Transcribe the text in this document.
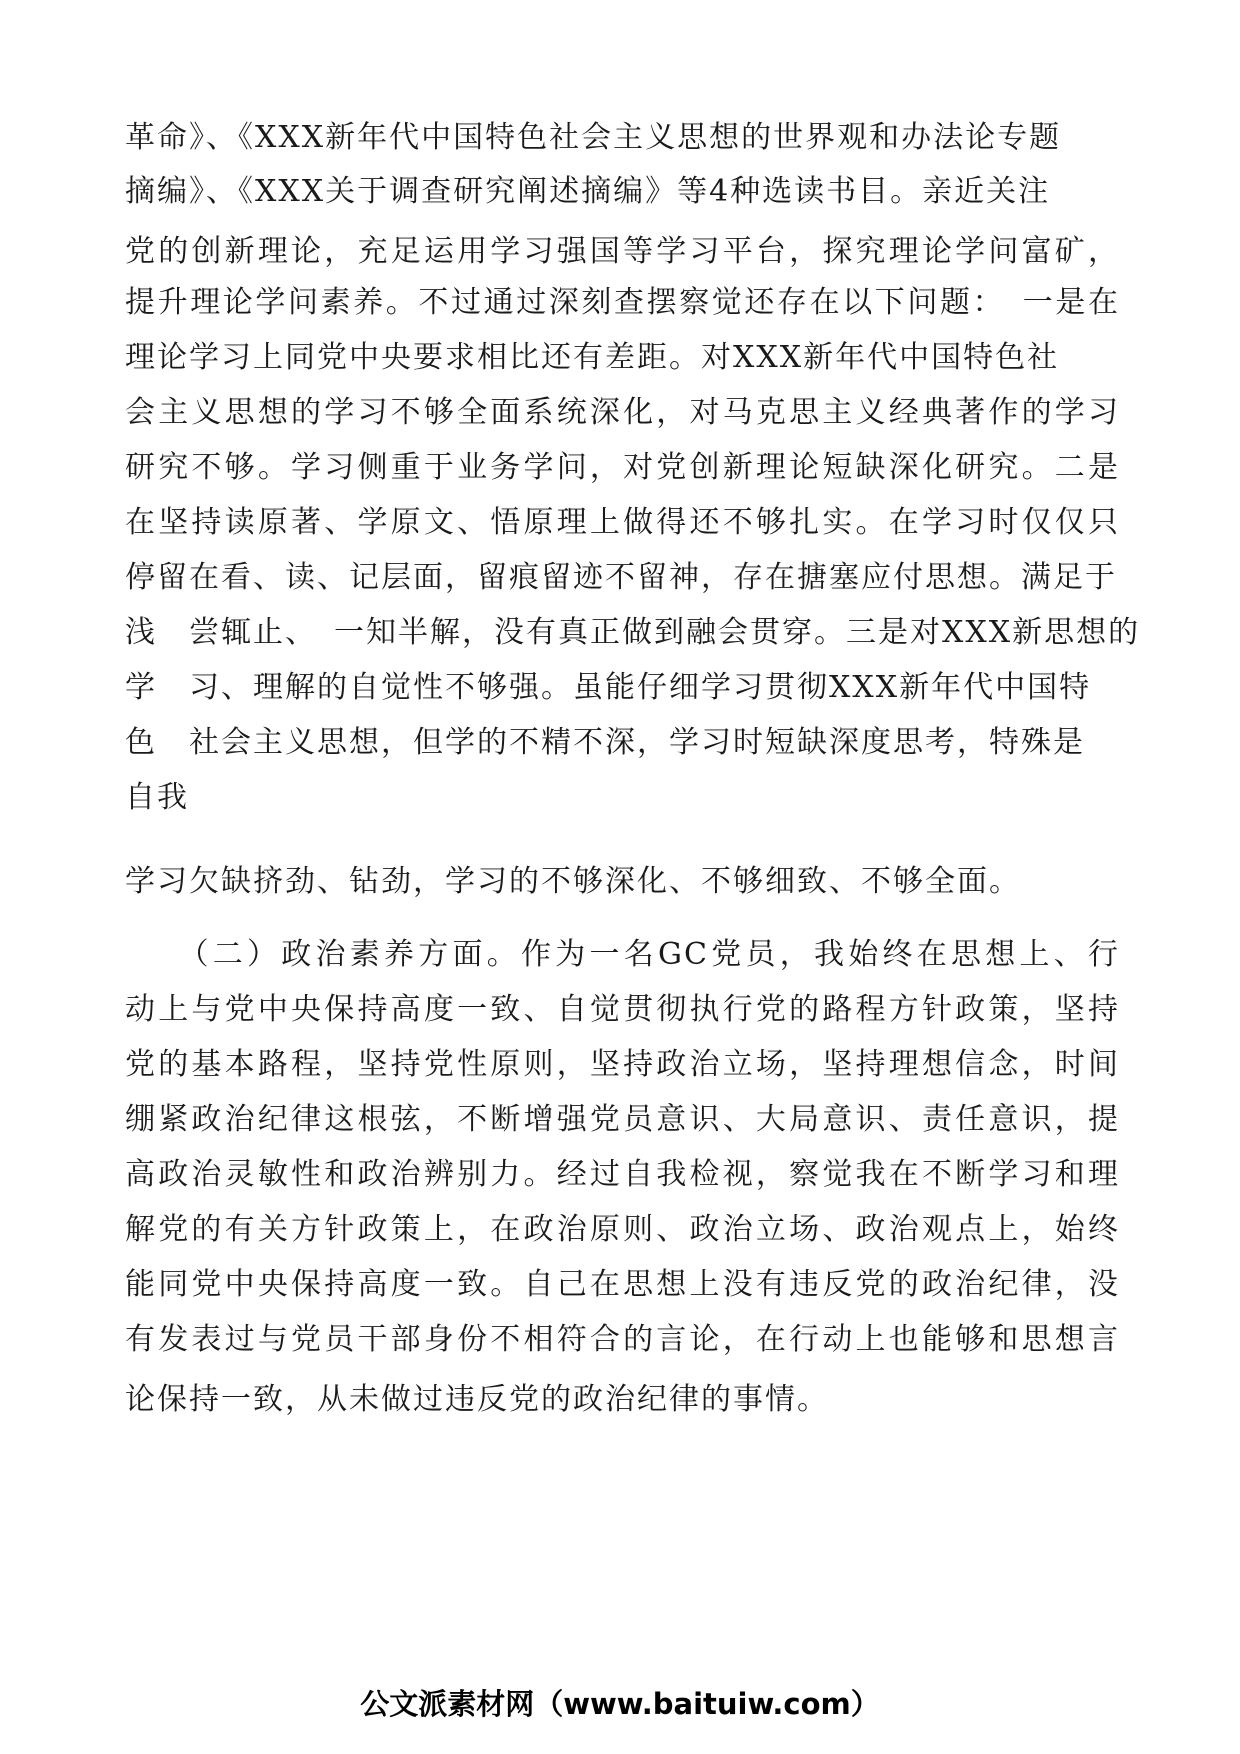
革命》、《XXX新年代中国特色社会主义思想的世界观和办法论专题
摘编》、《XXX关于调查研究阐述摘编》等4种选读书目。亲近关注
党的创新理论，充足运用学习强国等学习平台，探究理论学问富矿，
提升理论学问素养。不过通过深刻查摆察觉还存在以下问题：　一是在
理论学习上同党中央要求相比还有差距。对XXX新年代中国特色社
会主义思想的学习不够全面系统深化，对马克思主义经典著作的学习
研究不够。学习侧重于业务学问，对党创新理论短缺深化研究。二是
在坚持读原著、学原文、悟原理上做得还不够扎实。在学习时仅仅只
停留在看、读、记层面，留痕留迹不留神，存在搪塞应付思想。满足于
浅　尝辄止、　一知半解，没有真正做到融会贯穿。三是对XXX新思想的
学　习、理解的自觉性不够强。虽能仔细学习贯彻XXX新年代中国特
色　社会主义思想，但学的不精不深，学习时短缺深度思考，特殊是
自我
学习欠缺挤劲、钻劲，学习的不够深化、不够细致、不够全面。
　　（二）政治素养方面。作为一名GC党员，我始终在思想上、行
动上与党中央保持高度一致、自觉贯彻执行党的路程方针政策，坚持
党的基本路程，坚持党性原则，坚持政治立场，坚持理想信念，时间
绷紧政治纪律这根弦，不断增强党员意识、大局意识、责任意识，提
高政治灵敏性和政治辨别力。经过自我检视，察觉我在不断学习和理
解党的有关方针政策上，在政治原则、政治立场、政治观点上，始终
能同党中央保持高度一致。自己在思想上没有违反党的政治纪律，没
有发表过与党员干部身份不相符合的言论，在行动上也能够和思想言
论保持一致，从未做过违反党的政治纪律的事情。
公文派素材网（www.baituiw.com）
